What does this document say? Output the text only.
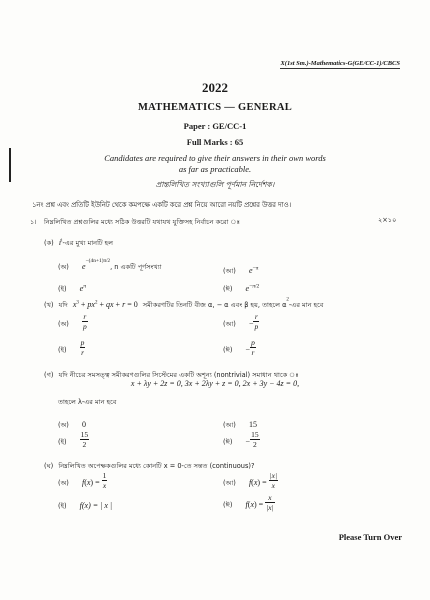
X(1st Sm.)-Mathematics-G(GE/CC-1)/CBCS
2022
MATHEMATICS — GENERAL
Paper : GE/CC-1
Full Marks : 65
Candidates are required to give their answers in their own words
as far as practicable.
প্রান্তলিখিত সংখ্যাগুলি পূর্ণমান নির্দেশক।
১নং প্রশ্ন এবং প্রতিটি ইউনিট থেকে কমপক্ষে একটি করে প্রশ্ন নিয়ে আরো নয়টি প্রশ্নের উত্তর দাও।
১। নিম্নলিখিত প্রশ্নগুলির মধ্যে সঠিক উত্তরটি যথাযথ যুক্তিসহ নির্বাচন করো ঃ	২×১০
(ক) $i^i-এর$ মুখ্য মানটি হল
(অ) $e^{-(4n+1)\pi/2}$, n একটি পূর্ণসংখ্যা	(আ) $e^{-\pi}$
(ই) $e^\pi$	(ঈ) $e^{-\pi/2}$
(খ) যদি $x^3 + px^2$ + qx + r = 0 সমীকরণটির তিনটি বীজ α, − α এবং β হয়, তাহলে $\alpha^2-এর$ মান হবে
(অ) $\frac{r}{p}$	(আ) − $\frac{r}{p}$
(ই) $\frac{p}{r}$	(ঈ) − $\frac{p}{r}$
(গ) যদি নীচের সমসত্ত্ব সমীকরণগুলির সিস্টেমের একটি অশূন্য (nontrivial) সমাধান থাকে ঃ
x + λy + 2z = 0, 3x + 2λy + z = 0, 2x + 3y − 4z = 0,
তাহলে λ-এর মান হবে
(অ) 0	(আ) 15
(ই) $\frac{15}{2}$	(ঈ) − $\frac{15}{2}$
(ঘ) নিম্নলিখিত অপেক্ষকগুলির মধ্যে কোনটি x = 0-তে সন্তত (continuous)?
(অ) $f(x) = \frac{1}{x}$	(আ) $f(x) = \frac{|x|}{x}$
(ই) f(x) = | x |	(ঈ) $f(x) = \frac{x}{|x|}$
Please Turn Over
